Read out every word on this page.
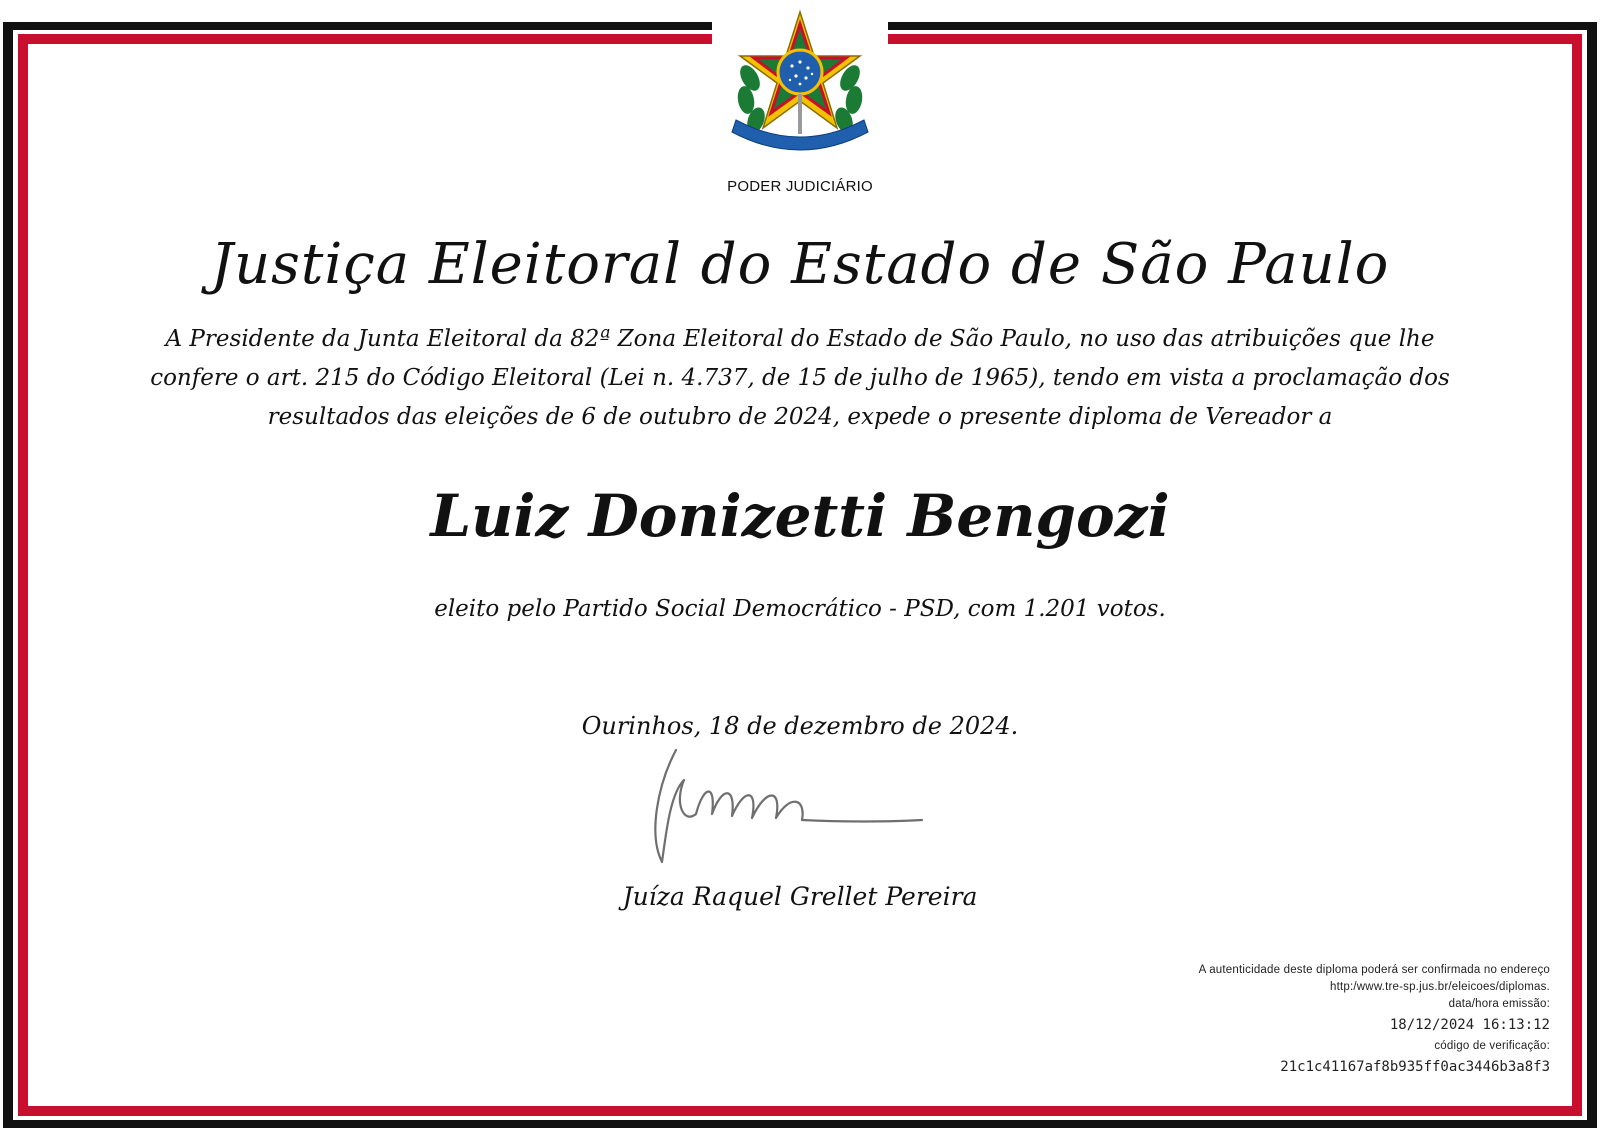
PODER JUDICIÁRIO
Justiça Eleitoral do Estado de São Paulo
A Presidente da Junta Eleitoral da 82ª Zona Eleitoral do Estado de São Paulo, no uso das atribuições que lhe
confere o art. 215 do Código Eleitoral (Lei n. 4.737, de 15 de julho de 1965), tendo em vista a proclamação dos
resultados das eleições de 6 de outubro de 2024, expede o presente diploma de Vereador a
Luiz Donizetti Bengozi
eleito pelo Partido Social Democrático - PSD, com 1.201 votos.
Ourinhos, 18 de dezembro de 2024.
Juíza Raquel Grellet Pereira
A autenticidade deste diploma poderá ser confirmada no endereço
http:/www.tre-sp.jus.br/eleicoes/diplomas.
data/hora emissão:
18/12/2024 16:13:12
código de verificação:
21c1c41167af8b935ff0ac3446b3a8f3
